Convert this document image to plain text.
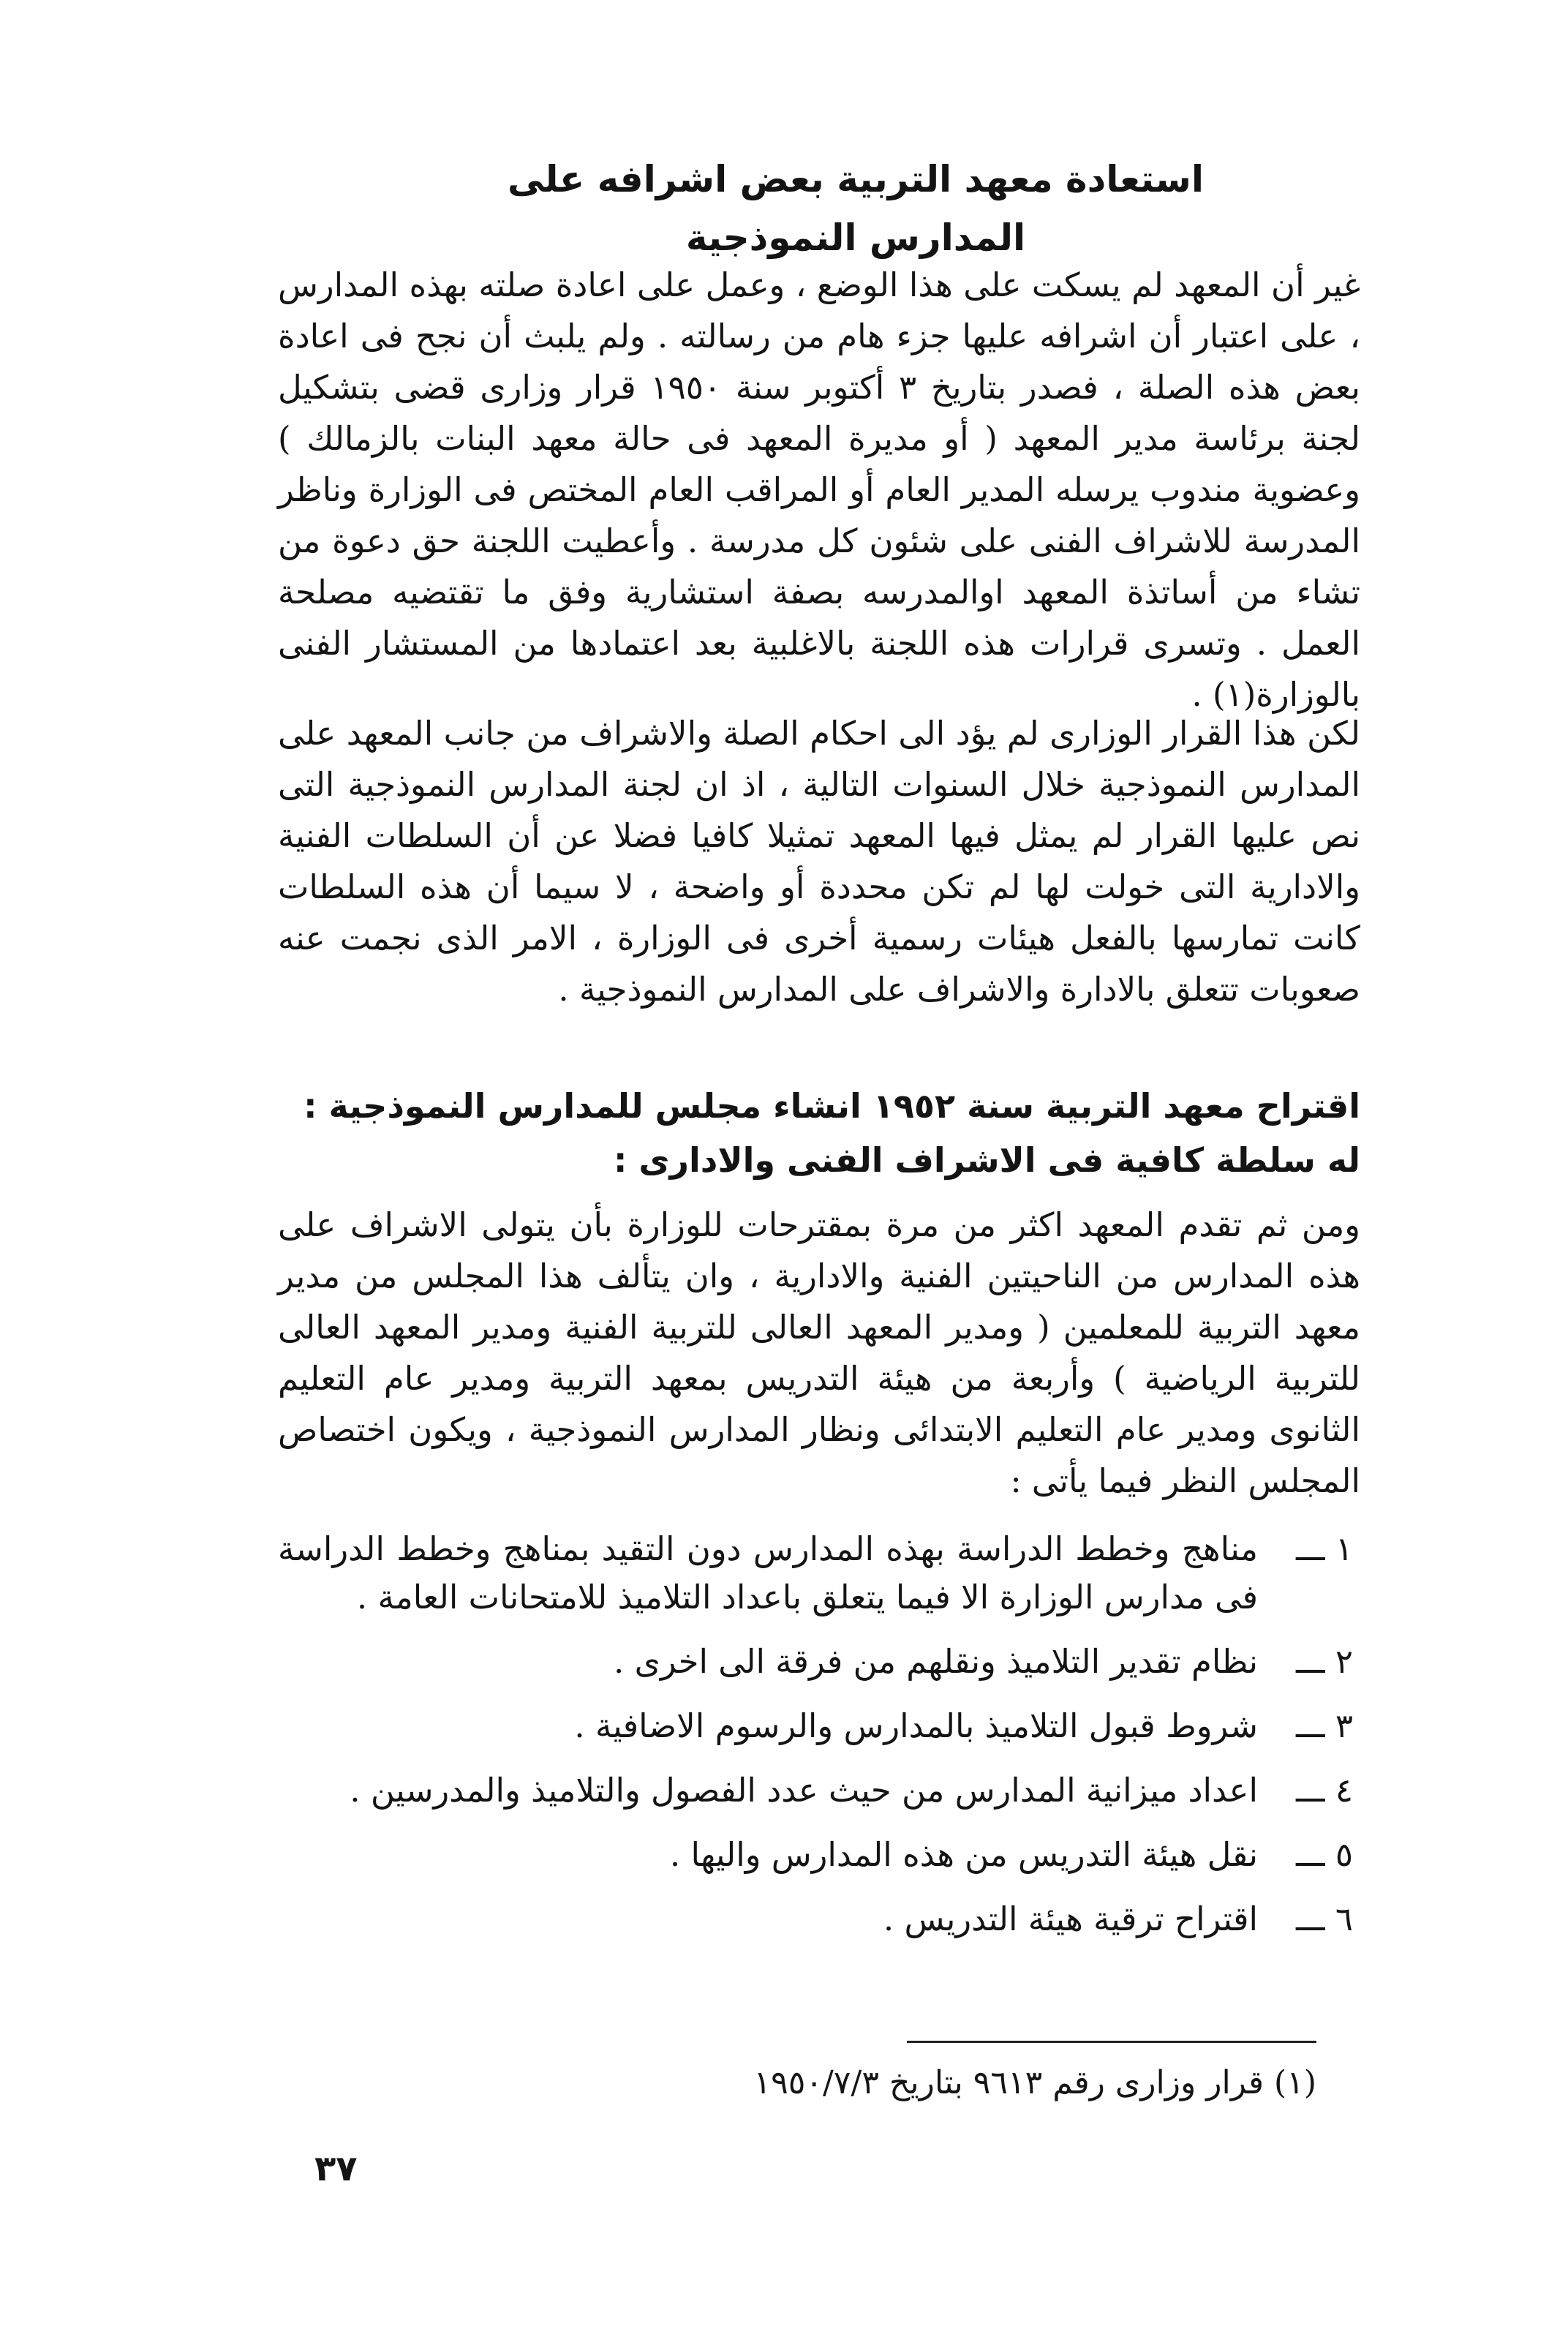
استعادة معهد التربية بعض اشرافه على المدارس النموذجية

غير أن المعهد لم يسكت على هذا الوضع ، وعمل على اعادة صلته بهذه المدارس ، على اعتبار أن اشرافه عليها جزء هام من رسالته . ولم يلبث أن نجح فى اعادة بعض هذه الصلة ، فصدر بتاريخ ٣ أكتوبر سنة ١٩٥٠ قرار وزارى قضى بتشكيل لجنة برئاسة مدير المعهد ( أو مديرة المعهد فى حالة معهد البنات بالزمالك ) وعضوية مندوب يرسله المدير العام أو المراقب العام المختص فى الوزارة وناظر المدرسة للاشراف الفنى على شئون كل مدرسة . وأعطيت اللجنة حق دعوة من تشاء من أساتذة المعهد اوالمدرسه بصفة استشارية وفق ما تقتضيه مصلحة العمل . وتسرى قرارات هذه اللجنة بالاغلبية بعد اعتمادها من المستشار الفنى بالوزارة(١) .

لكن هذا القرار الوزارى لم يؤد الى احكام الصلة والاشراف من جانب المعهد على المدارس النموذجية خلال السنوات التالية ، اذ ان لجنة المدارس النموذجية التى نص عليها القرار لم يمثل فيها المعهد تمثيلا كافيا فضلا عن أن السلطات الفنية والادارية التى خولت لها لم تكن محددة أو واضحة ، لا سيما أن هذه السلطات كانت تمارسها بالفعل هيئات رسمية أخرى فى الوزارة ، الامر الذى نجمت عنه صعوبات تتعلق بالادارة والاشراف على المدارس النموذجية .

اقتراح معهد التربية سنة ١٩٥٢ انشاء مجلس للمدارس النموذجية :
له سلطة كافية فى الاشراف الفنى والادارى :

ومن ثم تقدم المعهد اكثر من مرة بمقترحات للوزارة بأن يتولى الاشراف على هذه المدارس من الناحيتين الفنية والادارية ، وان يتألف هذا المجلس من مدير معهد التربية للمعلمين ( ومدير المعهد العالى للتربية الفنية ومدير المعهد العالى للتربية الرياضية ) وأربعة من هيئة التدريس بمعهد التربية ومدير عام التعليم الثانوى ومدير عام التعليم الابتدائى ونظار المدارس النموذجية ، ويكون اختصاص المجلس النظر فيما يأتى :

١ ـــ
مناهج وخطط الدراسة بهذه المدارس دون التقيد بمناهج وخطط الدراسة فى مدارس الوزارة الا فيما يتعلق باعداد التلاميذ للامتحانات العامة .
٢ ـــ
نظام تقدير التلاميذ ونقلهم من فرقة الى اخرى .
٣ ـــ
شروط قبول التلاميذ بالمدارس والرسوم الاضافية .
٤ ـــ
اعداد ميزانية المدارس من حيث عدد الفصول والتلاميذ والمدرسين .
٥ ـــ
نقل هيئة التدريس من هذه المدارس واليها .
٦ ـــ
اقتراح ترقية هيئة التدريس .
(١) قرار وزارى رقم ٩٦١٣ بتاريخ ١٩٥٠/٧/٣
٣٧
